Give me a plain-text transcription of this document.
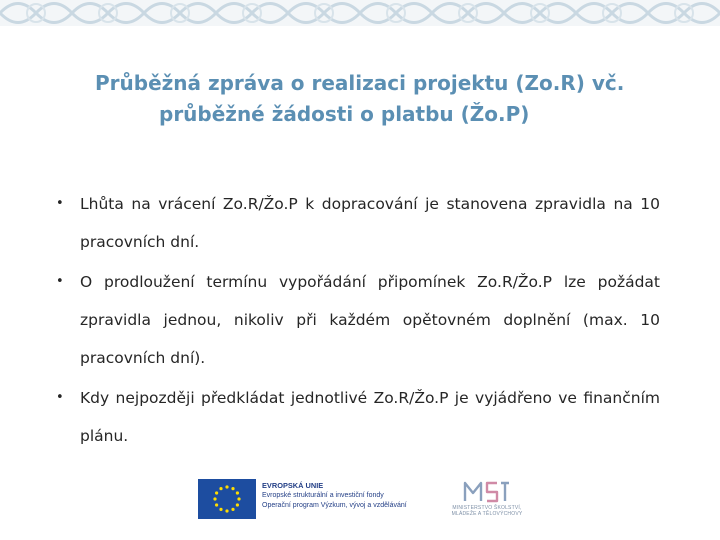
Průběžná zpráva o realizaci projektu (Zo.R) vč.
průběžné žádosti o platbu (Žo.P)
• Lhůta na vrácení Zo.R/Žo.P k dopracování je stanovena zpravidla na 10 pracovních dní.
• O prodloužení termínu vypořádání připomínek Zo.R/Žo.P lze požádat zpravidla jednou, nikoliv při každém opětovném doplnění (max. 10 pracovních dní).
• Kdy nejpozději předkládat jednotlivé Zo.R/Žo.P je vyjádřeno ve finančním plánu.
EVROPSKÁ UNIE
Evropské strukturální a investiční fondy
Operační program Výzkum, vývoj a vzdělávání	MINISTERSTVO ŠKOLSTVÍ, MLÁDEŽE A TĚLOVÝCHOVY
